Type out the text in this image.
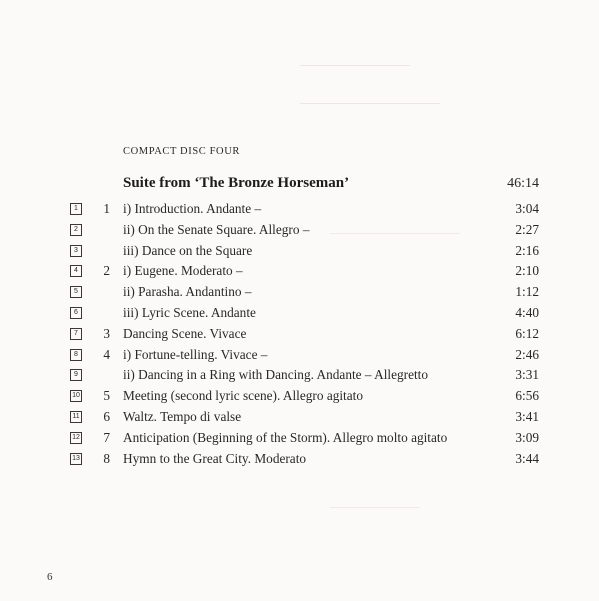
COMPACT DISC FOUR
Suite from ‘The Bronze Horseman’	46:14
1	1 i) Introduction. Andante –	3:04
2	ii) On the Senate Square. Allegro –	2:27
3	iii) Dance on the Square	2:16
4	2 i) Eugene. Moderato –	2:10
5	ii) Parasha. Andantino –	1:12
6	iii) Lyric Scene. Andante	4:40
7	3 Dancing Scene. Vivace	6:12
8	4 i) Fortune-telling. Vivace –	2:46
9	ii) Dancing in a Ring with Dancing. Andante – Allegretto	3:31
10	5 Meeting (second lyric scene). Allegro agitato	6:56
11	6 Waltz. Tempo di valse	3:41
12	7 Anticipation (Beginning of the Storm). Allegro molto agitato	3:09
13	8 Hymn to the Great City. Moderato	3:44
6
